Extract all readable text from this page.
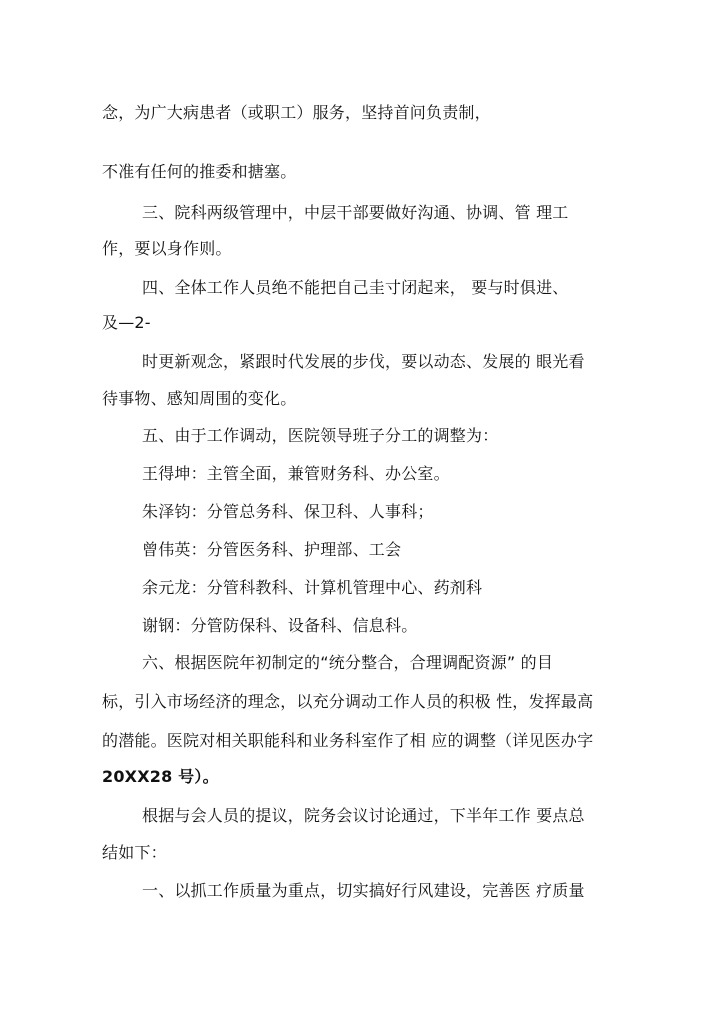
念，为广大病患者（或职工）服务，坚持首问负责制，
不准有任何的推委和搪塞。
三、院科两级管理中，中层干部要做好沟通、协调、管 理工
作，要以身作则。
四、全体工作人员绝不能把自己圭寸闭起来， 要与时俱进、
及—2-
时更新观念，紧跟时代发展的步伐，要以动态、发展的 眼光看
待事物、感知周围的变化。
五、由于工作调动，医院领导班子分工的调整为：
王得坤：主管全面，兼管财务科、办公室。
朱泽钧：分管总务科、保卫科、人事科；
曾伟英：分管医务科、护理部、工会
余元龙：分管科教科、计算机管理中心、药剂科
谢钢：分管防保科、设备科、信息科。
六、根据医院年初制定的“统分整合，合理调配资源” 的目
标，引入市场经济的理念，以充分调动工作人员的积极 性，发挥最高
的潜能。医院对相关职能科和业务科室作了相 应的调整（详见医办字
20XX28 号）。
根据与会人员的提议，院务会议讨论通过，下半年工作 要点总
结如下：
一、以抓工作质量为重点，切实搞好行风建设，完善医 疗质量
